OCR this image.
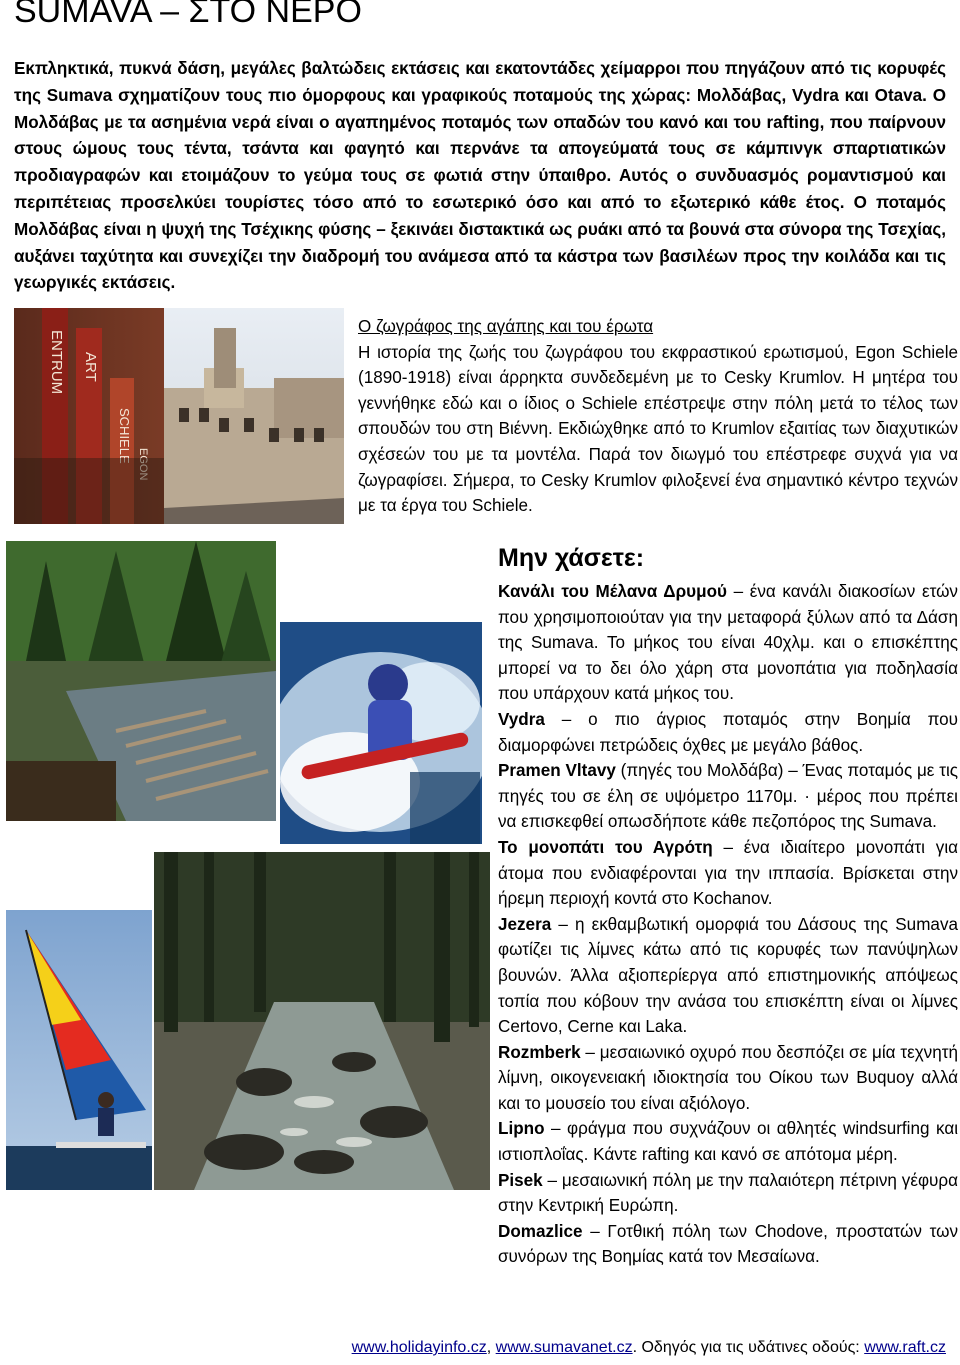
SUMAVA – ΣΤΟ ΝΕΡΟ

Εκπληκτικά, πυκνά δάση, μεγάλες βαλτώδεις εκτάσεις και εκατοντάδες χείμαρροι που πηγάζουν από τις κορυφές της Sumava σχηματίζουν τους πιο όμορφους και γραφικούς ποταμούς της χώρας: Μολδάβας, Vydra και Otava. Ο Μολδάβας με τα ασημένια νερά είναι ο αγαπημένος ποταμός των οπαδών του κανό και του rafting, που παίρνουν στους ώμους τους τέντα, τσάντα και φαγητό και περνάνε τα απογεύματά τους σε κάμπινγκ σπαρτιατικών προδιαγραφών και ετοιμάζουν το γεύμα τους σε φωτιά στην ύπαιθρο. Αυτός ο συνδυασμός ρομαντισμού και περιπέτειας προσελκύει τουρίστες τόσο από το εσωτερικό όσο και από το εξωτερικό κάθε έτος. Ο ποταμός Μολδάβας είναι η ψυχή της Τσέχικης φύσης – ξεκινάει διστακτικά ως ρυάκι από τα βουνά στα σύνορα της Τσεχίας, αυξάνει ταχύτητα και συνεχίζει την διαδρομή του ανάμεσα από τα κάστρα των βασιλέων προς την κοιλάδα και τις γεωργικές εκτάσεις.

ENTRUM ART
SCHIELE
EGON

Ο ζωγράφος της αγάπης και του έρωτα

Η ιστορία της ζωής του ζωγράφου του εκφραστικού ερωτισμού, Egon Schiele (1890-1918) είναι άρρηκτα συνδεδεμένη με το Cesky Krumlov. Η μητέρα του γεννήθηκε εδώ και ο ίδιος ο Schiele επέστρεψε στην πόλη μετά το τέλος των σπουδών του στη Βιέννη. Εκδιώχθηκε από το Krumlov εξαιτίας των διαχυτικών σχέσεών του με τα μοντέλα. Παρά τον διωγμό του επέστρεφε συχνά για να ζωγραφίσει. Σήμερα, το Cesky Krumlov φιλοξενεί ένα σημαντικό κέντρο τεχνών με τα έργα του Schiele.

Μην χάσετε:

Κανάλι του Μέλανα Δρυμού – ένα κανάλι διακοσίων ετών που χρησιμοποιούταν για την μεταφορά ξύλων από τα Δάση της Sumava. Το μήκος του είναι 40χλμ. και ο επισκέπτης μπορεί να το δει όλο χάρη στα μονοπάτια για ποδηλασία που υπάρχουν κατά μήκος του.

Vydra – ο πιο άγριος ποταμός στην Βοημία που διαμορφώνει πετρώδεις όχθες με μεγάλο βάθος.

Pramen Vltavy (πηγές του Μολδάβα) – Ένας ποταμός με τις πηγές του σε έλη σε υψόμετρο 1170μ. · μέρος που πρέπει να επισκεφθεί οπωσδήποτε κάθε πεζοπόρος της Sumava.

Το μονοπάτι του Αγρότη – ένα ιδιαίτερο μονοπάτι για άτομα που ενδιαφέρονται για την ιππασία. Βρίσκεται στην ήρεμη περιοχή κοντά στο Kochanov.

Jezera – η εκθαμβωτική ομορφιά του Δάσους της Sumava φωτίζει τις λίμνες κάτω από τις κορυφές των πανύψηλων βουνών. Άλλα αξιοπερίεργα από επιστημονικής απόψεως τοπία που κόβουν την ανάσα του επισκέπτη είναι οι λίμνες Certovo, Cerne και Laka.

Rozmberk – μεσαιωνικό οχυρό που δεσπόζει σε μία τεχνητή λίμνη, οικογενειακή ιδιοκτησία του Οίκου των Βυquoy αλλά και το μουσείο του είναι αξιόλογο.

Lipno – φράγμα που συχνάζουν οι αθλητές windsurfing και ιστιοπλοΐας. Κάντε rafting και κανό σε απότομα μέρη.

Pisek – μεσαιωνική πόλη με την παλαιότερη πέτρινη γέφυρα στην Κεντρική Ευρώπη.

Domazlice – Γοτθική πόλη των Chodove, προστατών των συνόρων της Βοημίας κατά τον Μεσαίωνα.

www.holidayinfo.cz, www.sumavanet.cz. Οδηγός για τις υδάτινες οδούς: www.raft.cz
